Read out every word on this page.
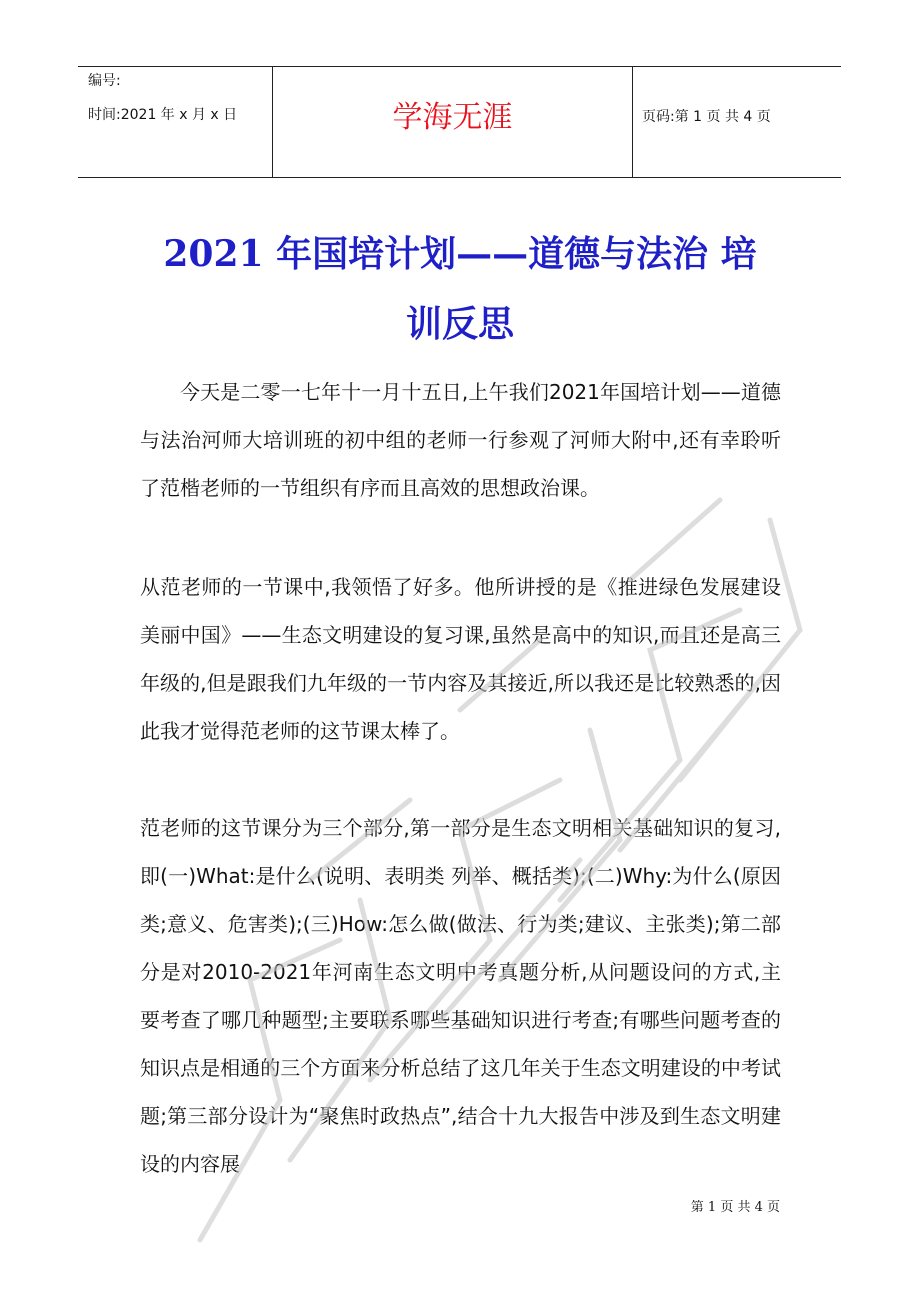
编号:
时间:2021 年 x 月 x 日	学海无涯	页码:第 1 页 共 4 页
2021 年国培计划——道德与法治 培
训反思
今天是二零一七年十一月十五日,上午我们2021年国培计划——道德与法治河师大培训班的初中组的老师一行参观了河师大附中,还有幸聆听了范楷老师的一节组织有序而且高效的思想政治课。
从范老师的一节课中,我领悟了好多。他所讲授的是《推进绿色发展建设美丽中国》——生态文明建设的复习课,虽然是高中的知识,而且还是高三年级的,但是跟我们九年级的一节内容及其接近,所以我还是比较熟悉的,因此我才觉得范老师的这节课太棒了。
范老师的这节课分为三个部分,第一部分是生态文明相关基础知识的复习,即(一)What:是什么(说明、表明类 列举、概括类);(二)Why:为什么(原因类;意义、危害类);(三)How:怎么做(做法、行为类;建议、主张类);第二部分是对2010-2021年河南生态文明中考真题分析,从问题设问的方式,主要考查了哪几种题型;主要联系哪些基础知识进行考查;有哪些问题考查的知识点是相通的三个方面来分析总结了这几年关于生态文明建设的中考试题;第三部分设计为“聚焦时政热点”,结合十九大报告中涉及到生态文明建设的内容展
第 1 页 共 4 页
